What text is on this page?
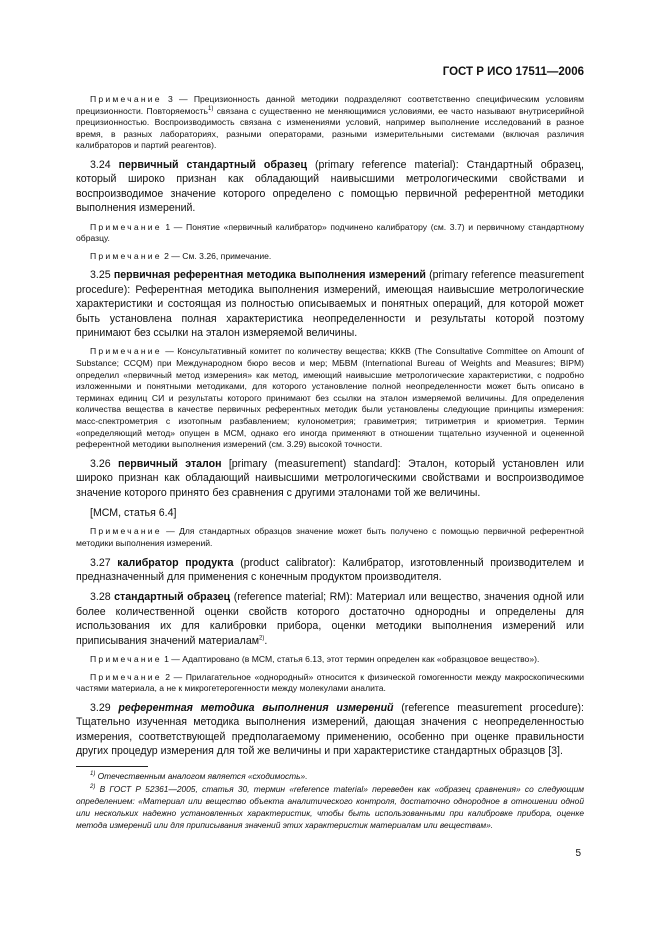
ГОСТ Р ИСО 17511—2006

Примечание 3 — Прецизионность данной методики подразделяют соответственно специфическим условиям прецизионности. Повторяемость$^{1)}$ связана с существенно не меняющимися условиями, ее часто называют внутрисерийной прецизионностью. Воспроизводимость связана с изменениями условий, например выполнение исследований в разное время, в разных лабораториях, разными операторами, разными измерительными системами (включая различия калибраторов и партий реагентов).

3.24 первичный стандартный образец (primary reference material): Стандартный образец, который широко признан как обладающий наивысшими метрологическими свойствами и воспроизводимое значение которого определено с помощью первичной референтной методики выполнения измерений.

Примечание 1 — Понятие «первичный калибратор» подчинено калибратору (см. 3.7) и первичному стандартному образцу.

Примечание 2 — См. 3.26, примечание.

3.25 первичная референтная методика выполнения измерений (primary reference measurement procedure): Референтная методика выполнения измерений, имеющая наивысшие метрологические характеристики и состоящая из полностью описываемых и понятных операций, для которой может быть установлена полная характеристика неопределенности и результаты которой поэтому принимают без ссылки на эталон измеряемой величины.

Примечание — Консультативный комитет по количеству вещества; КККВ (The Consultative Committee on Amount of Substance; CCQM) при Международном бюро весов и мер; МБВМ (International Bureau of Weights and Measures; BIPM) определил «первичный метод измерения» как метод, имеющий наивысшие метрологические характеристики, с подробно изложенными и понятными методиками, для которого установление полной неопределенности может быть описано в терминах единиц СИ и результаты которого принимают без ссылки на эталон измеряемой величины. Для определения количества вещества в качестве первичных референтных методик были установлены следующие принципы измерения: масс-спектрометрия с изотопным разбавлением; кулонометрия; гравиметрия; титриметрия и криометрия. Термин «определяющий метод» опущен в МСМ, однако его иногда применяют в отношении тщательно изученной и оцененной референтной методики выполнения измерений (см. 3.29) высокой точности.

3.26 первичный эталон [primary (measurement) standard]: Эталон, который установлен или широко признан как обладающий наивысшими метрологическими свойствами и воспроизводимое значение которого принято без сравнения с другими эталонами той же величины.

[МСМ, статья 6.4]

Примечание — Для стандартных образцов значение может быть получено с помощью первичной референтной методики выполнения измерений.

3.27 калибратор продукта (product calibrator): Калибратор, изготовленный производителем и предназначенный для применения с конечным продуктом производителя.

3.28 стандартный образец (reference material; RM): Материал или вещество, значения одной или более количественной оценки свойств которого достаточно однородны и определены для использования их для калибровки прибора, оценки методики выполнения измерений или приписывания значений материалам$^{2)}$.

Примечание 1 — Адаптировано (в МСМ, статья 6.13, этот термин определен как «образцовое вещество»).

Примечание 2 — Прилагательное «однородный» относится к физической гомогенности между макроскопическими частями материала, а не к микрогетерогенности между молекулами аналита.

3.29 референтная методика выполнения измерений (reference measurement procedure): Тщательно изученная методика выполнения измерений, дающая значения с неопределенностью измерения, соответствующей предполагаемому применению, особенно при оценке правильности других процедур измерения для той же величины и при характеристике стандартных образцов [3].

$^{1)}$ Отечественным аналогом является «сходимость».

$^{2)}$ В ГОСТ Р 52361—2005, статья 30, термин «reference material» переведен как «образец сравнения» со следующим определением: «Материал или вещество объекта аналитического контроля, достаточно однородное в отношении одной или нескольких надежно установленных характеристик, чтобы быть использованными при калибровке прибора, оценке метода измерений или для приписывания значений этих характеристик материалам или веществам».

5
